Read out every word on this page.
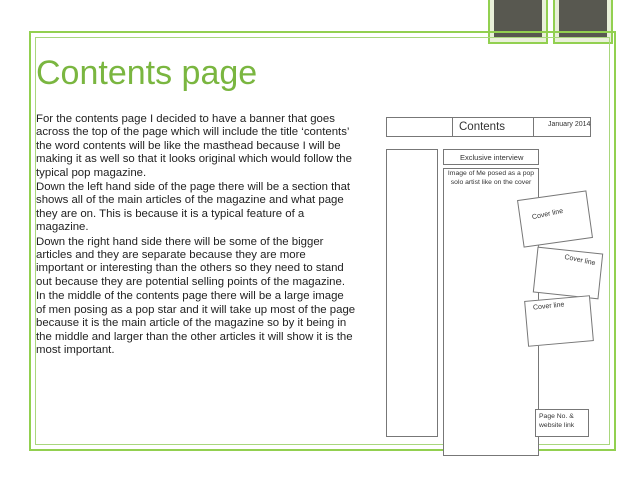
Contents page

For the contents page I decided to have a banner that goes across the top of the page which will include the title ‘contents’ the word contents will be like the masthead because I will be making it as well so that it looks original which would follow the typical pop magazine.

Down the left hand side of the page there will be a section that shows all of the main articles of the magazine and what page they are on. This is because it is a typical feature of a magazine.

Down the right hand side there will be some of the bigger articles and they are separate because they are more important or interesting than the others so they need to stand out because they are potential selling points of the magazine.

In the middle of the contents page there will be a large image of men posing as a pop star and it will take up most of the page because it is the main article of the magazine so by it being in the middle and larger than the other articles it will show it is the most important.

Contents	January 2014
Exclusive interview
Image of Me posed as a pop solo artist like on the cover
Cover line
Cover line
Cover line
Page No. & website link
